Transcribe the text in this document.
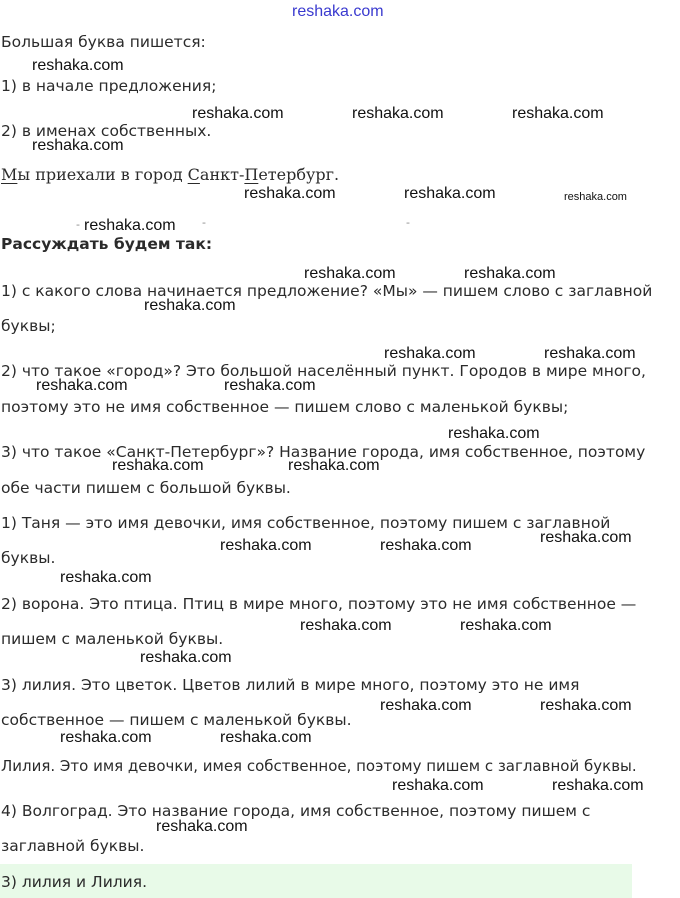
reshaka.com
Большая буква пишется:
reshaka.com
1) в начале предложения;
reshaka.com	reshaka.com	reshaka.com
2) в именах собственных.
reshaka.com
Мы приехали в город Санкт-Петербург.
reshaka.com	reshaka.com	reshaka.com
- reshaka.com -	-
Рассуждать будем так:
reshaka.com	reshaka.com
1) с какого слова начинается предложение? «Мы» — пишем слово с заглавной
reshaka.com
буквы;
reshaka.com	reshaka.com
2) что такое «город»? Это большой населённый пункт. Городов в мире много,
reshaka.com	reshaka.com
поэтому это не имя собственное — пишем слово с маленькой буквы;
reshaka.com
3) что такое «Санкт-Петербург»? Название города, имя собственное, поэтому
reshaka.com	reshaka.com
обе части пишем с большой буквы.
1) Таня — это имя девочки, имя собственное, поэтому пишем с заглавной
reshaka.com
reshaka.com	reshaka.com
буквы.
reshaka.com
2) ворона. Это птица. Птиц в мире много, поэтому это не имя собственное —
reshaka.com	reshaka.com
пишем с маленькой буквы.
reshaka.com
3) лилия. Это цветок. Цветов лилий в мире много, поэтому это не имя
reshaka.com	reshaka.com
собственное — пишем с маленькой буквы.
reshaka.com	reshaka.com
Лилия. Это имя девочки, имея собственное, поэтому пишем с заглавной буквы.
reshaka.com	reshaka.com
4) Волгоград. Это название города, имя собственное, поэтому пишем с
reshaka.com
заглавной буквы.
3) лилия и Лилия.
